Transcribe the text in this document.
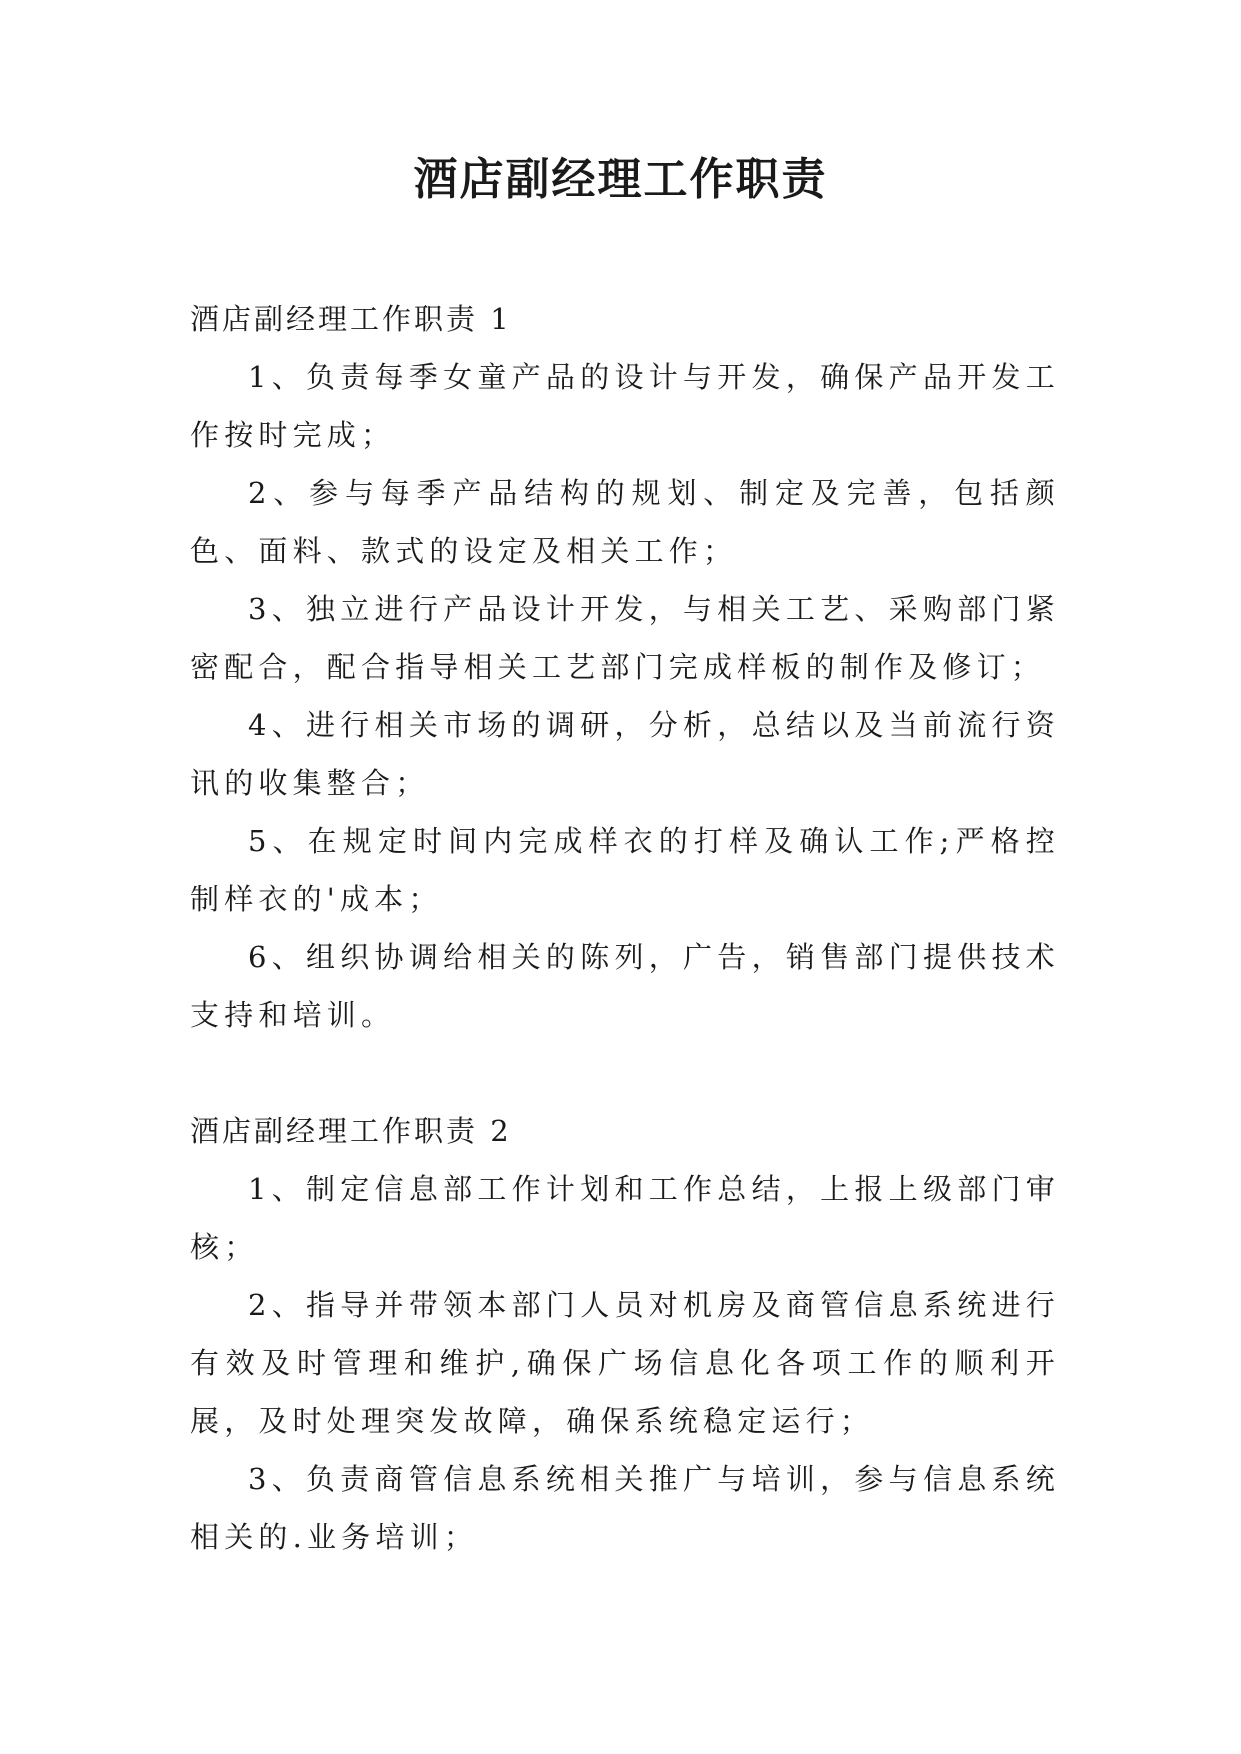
酒店副经理工作职责

酒店副经理工作职责 1

1、负责每季女童产品的设计与开发，确保产品开发工作按时完成；

2、参与每季产品结构的规划、制定及完善，包括颜色、面料、款式的设定及相关工作；

3、独立进行产品设计开发，与相关工艺、采购部门紧密配合，配合指导相关工艺部门完成样板的制作及修订；

4、进行相关市场的调研，分析，总结以及当前流行资讯的收集整合；

5、在规定时间内完成样衣的打样及确认工作;严格控制样衣的'成本；

6、组织协调给相关的陈列，广告，销售部门提供技术支持和培训。

酒店副经理工作职责 2

1、制定信息部工作计划和工作总结，上报上级部门审核；

2、指导并带领本部门人员对机房及商管信息系统进行有效及时管理和维护,确保广场信息化各项工作的顺利开展，及时处理突发故障，确保系统稳定运行；

3、负责商管信息系统相关推广与培训，参与信息系统相关的.业务培训；
